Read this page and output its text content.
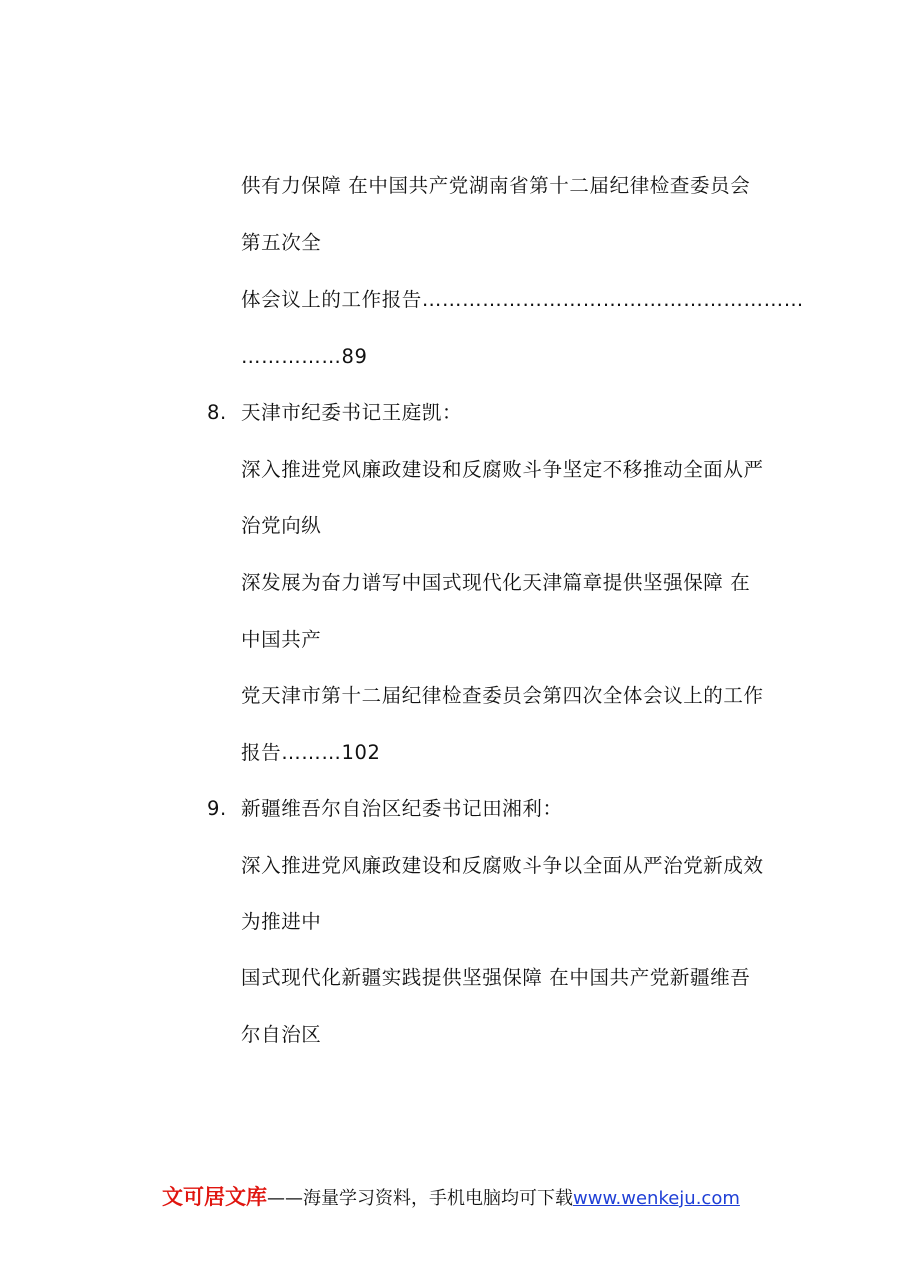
供有力保障 在中国共产党湖南省第十二届纪律检查委员会
第五次全
体会议上的工作报告…………………………………………………
……………89
8. 天津市纪委书记王庭凯：
深入推进党风廉政建设和反腐败斗争坚定不移推动全面从严
治党向纵
深发展为奋力谱写中国式现代化天津篇章提供坚强保障 在
中国共产
党天津市第十二届纪律检查委员会第四次全体会议上的工作
报告………102
9. 新疆维吾尔自治区纪委书记田湘利：
深入推进党风廉政建设和反腐败斗争以全面从严治党新成效
为推进中
国式现代化新疆实践提供坚强保障 在中国共产党新疆维吾
尔自治区
文可居文库——海量学习资料，手机电脑均可下载www.wenkeju.com
